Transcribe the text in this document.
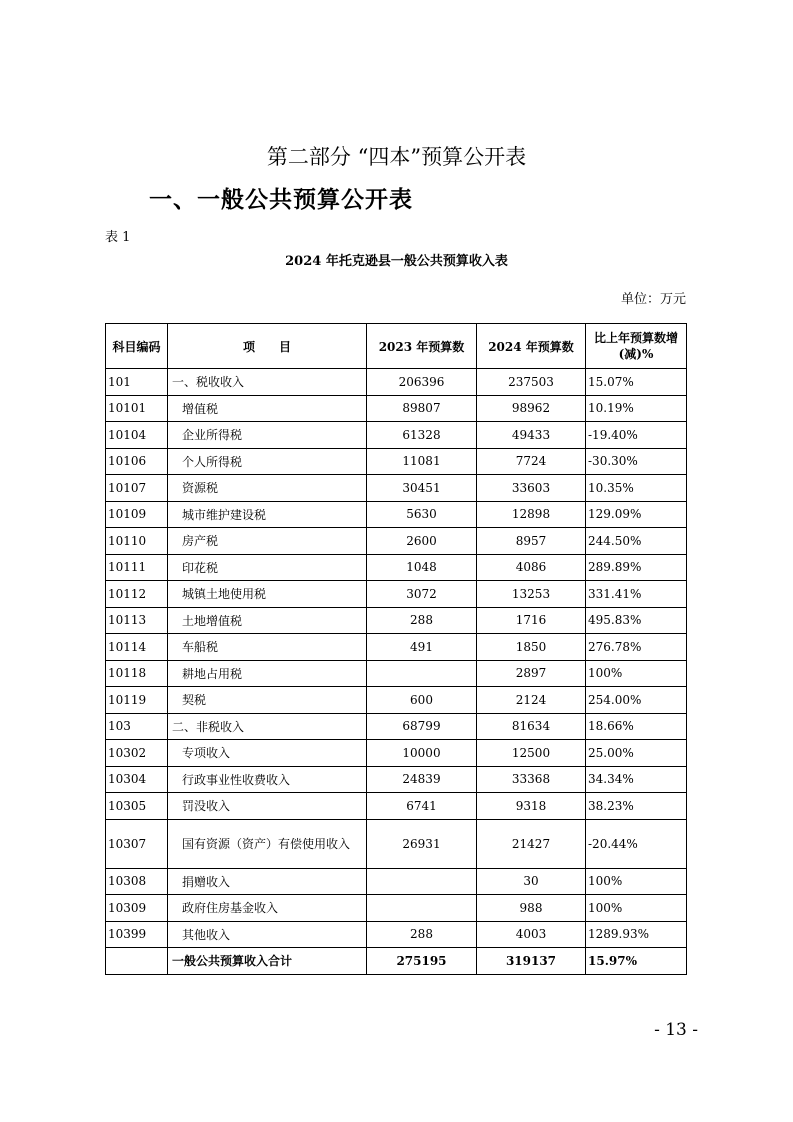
第二部分 “四本”预算公开表
一、一般公共预算公开表
表 1
2024 年托克逊县一般公共预算收入表
单位：万元
科目编码	项　　目	2023 年预算数	2024 年预算数	比上年预算数增(减)%
101	一、税收收入	206396	237503	15.07%
10101	增值税	89807	98962	10.19%
10104	企业所得税	61328	49433	-19.40%
10106	个人所得税	11081	7724	-30.30%
10107	资源税	30451	33603	10.35%
10109	城市维护建设税	5630	12898	129.09%
10110	房产税	2600	8957	244.50%
10111	印花税	1048	4086	289.89%
10112	城镇土地使用税	3072	13253	331.41%
10113	土地增值税	288	1716	495.83%
10114	车船税	491	1850	276.78%
10118	耕地占用税		2897	100%
10119	契税	600	2124	254.00%
103	二、非税收入	68799	81634	18.66%
10302	专项收入	10000	12500	25.00%
10304	行政事业性收费收入	24839	33368	34.34%
10305	罚没收入	6741	9318	38.23%
10307	国有资源（资产）有偿使用收入	26931	21427	-20.44%
10308	捐赠收入		30	100%
10309	政府住房基金收入		988	100%
10399	其他收入	288	4003	1289.93%
	一般公共预算收入合计	275195	319137	15.97%
- 13 -
